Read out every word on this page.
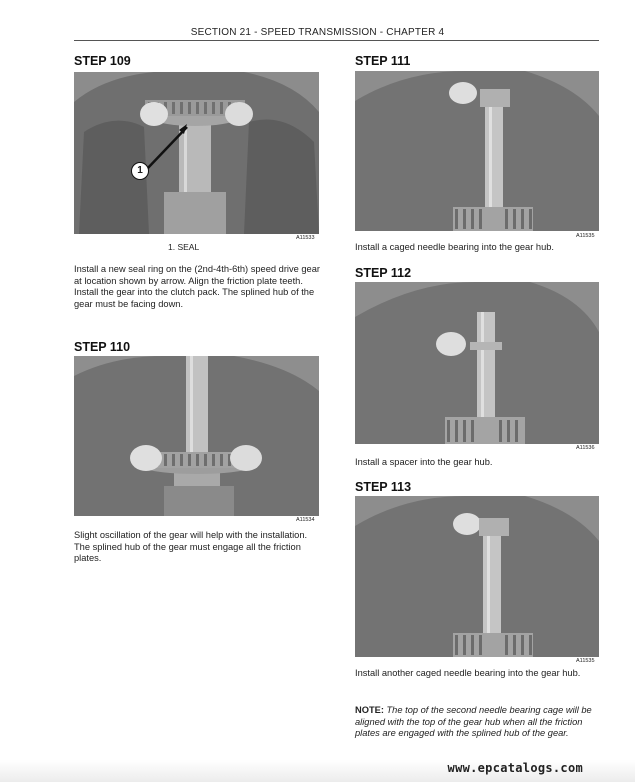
SECTION 21 - SPEED TRANSMISSION - CHAPTER 4
STEP 109
1
A11533
1. SEAL
Install a new seal ring on the (2nd-4th-6th) speed drive gear at location shown by arrow. Align the friction plate teeth. Install the gear into the clutch pack. The splined hub of the gear must be facing down.
STEP 110
A11534
Slight oscillation of the gear will help with the installation. The splined hub of the gear must engage all the friction plates.
STEP 111
A11535
Install a caged needle bearing into the gear hub.
STEP 112
A11536
Install a spacer into the gear hub.
STEP 113
A11535
Install another caged needle bearing into the gear hub.
NOTE: The top of the second needle bearing cage will be aligned with the top of the gear hub when all the friction plates are engaged with the splined hub of the gear.
www.epcatalogs.com
